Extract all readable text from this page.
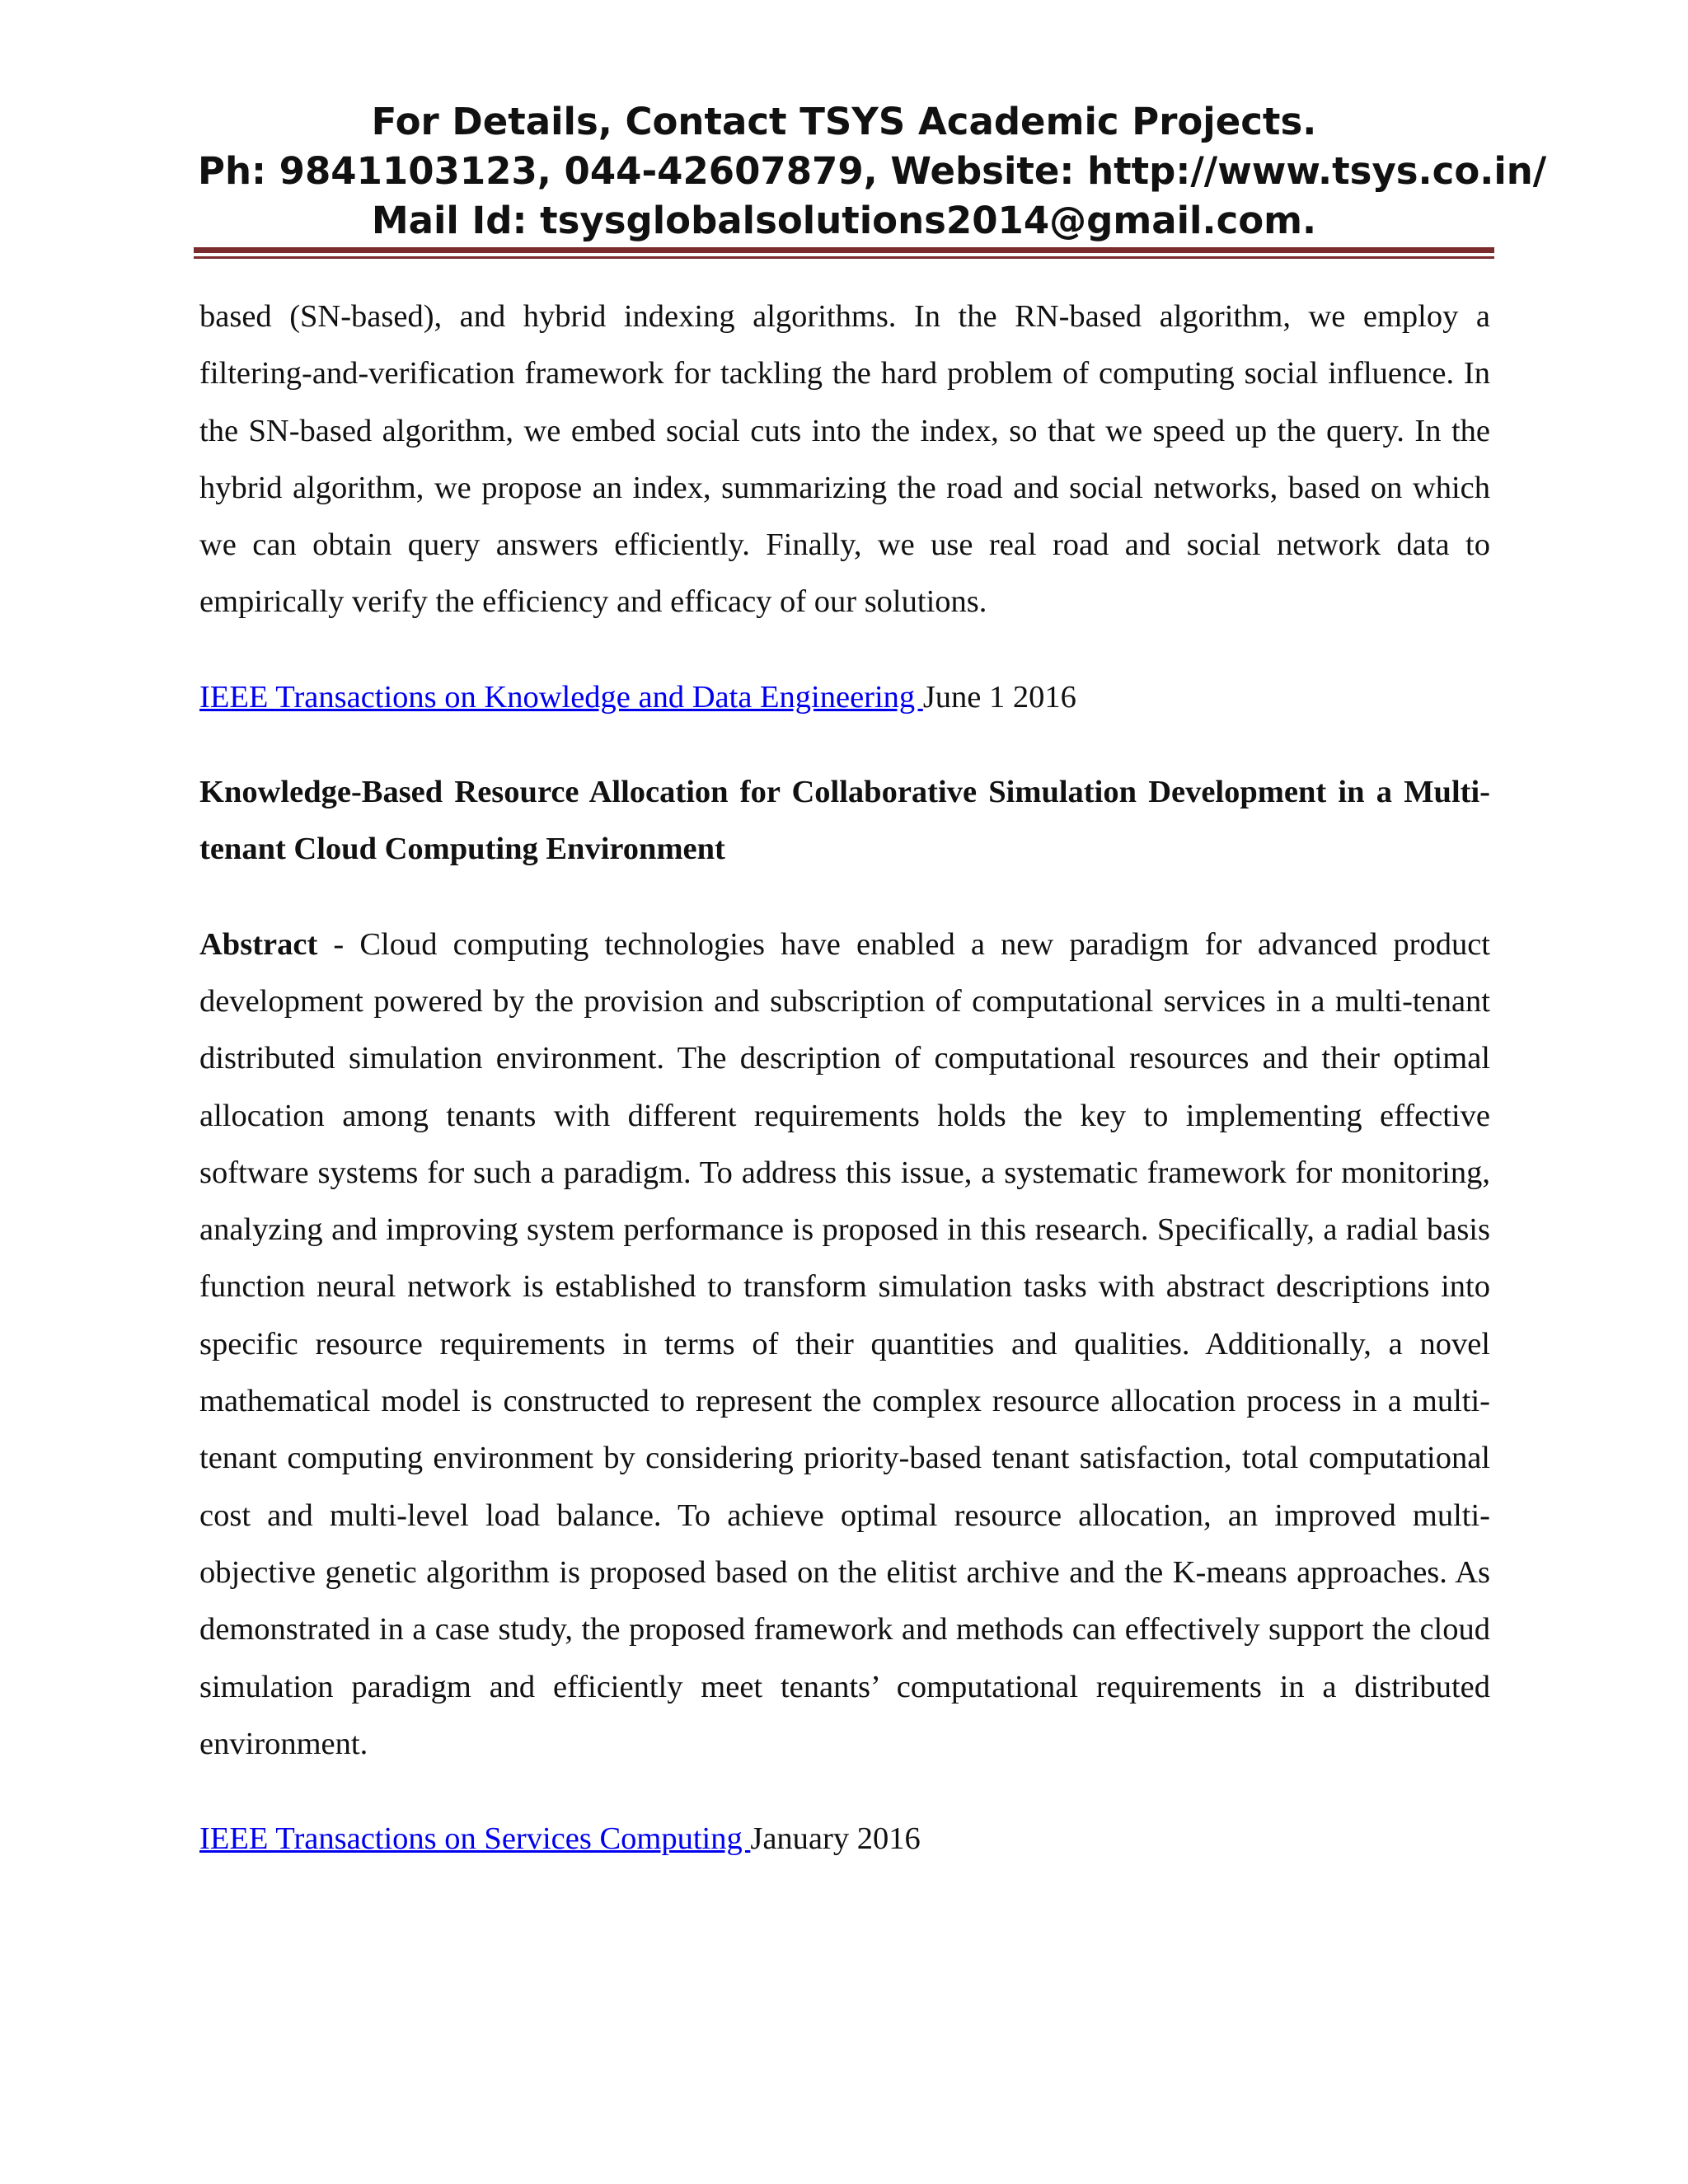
For Details, Contact TSYS Academic Projects.
Ph: 9841103123, 044-42607879, Website: http://www.tsys.co.in/
Mail Id: tsysglobalsolutions2014@gmail.com.

based (SN-based), and hybrid indexing algorithms. In the RN-based algorithm, we employ a filtering-and-verification framework for tackling the hard problem of computing social influence. In the SN-based algorithm, we embed social cuts into the index, so that we speed up the query. In the hybrid algorithm, we propose an index, summarizing the road and social networks, based on which we can obtain query answers efficiently. Finally, we use real road and social network data to empirically verify the efficiency and efficacy of our solutions.

IEEE Transactions on Knowledge and Data Engineering June 1 2016

Knowledge-Based Resource Allocation for Collaborative Simulation Development in a Multi-tenant Cloud Computing Environment

Abstract - Cloud computing technologies have enabled a new paradigm for advanced product development powered by the provision and subscription of computational services in a multi-tenant distributed simulation environment. The description of computational resources and their optimal allocation among tenants with different requirements holds the key to implementing effective software systems for such a paradigm. To address this issue, a systematic framework for monitoring, analyzing and improving system performance is proposed in this research. Specifically, a radial basis function neural network is established to transform simulation tasks with abstract descriptions into specific resource requirements in terms of their quantities and qualities. Additionally, a novel mathematical model is constructed to represent the complex resource allocation process in a multi-tenant computing environment by considering priority-based tenant satisfaction, total computational cost and multi-level load balance. To achieve optimal resource allocation, an improved multi-objective genetic algorithm is proposed based on the elitist archive and the K-means approaches. As demonstrated in a case study, the proposed framework and methods can effectively support the cloud simulation paradigm and efficiently meet tenants’ computational requirements in a distributed environment.

IEEE Transactions on Services Computing January 2016
